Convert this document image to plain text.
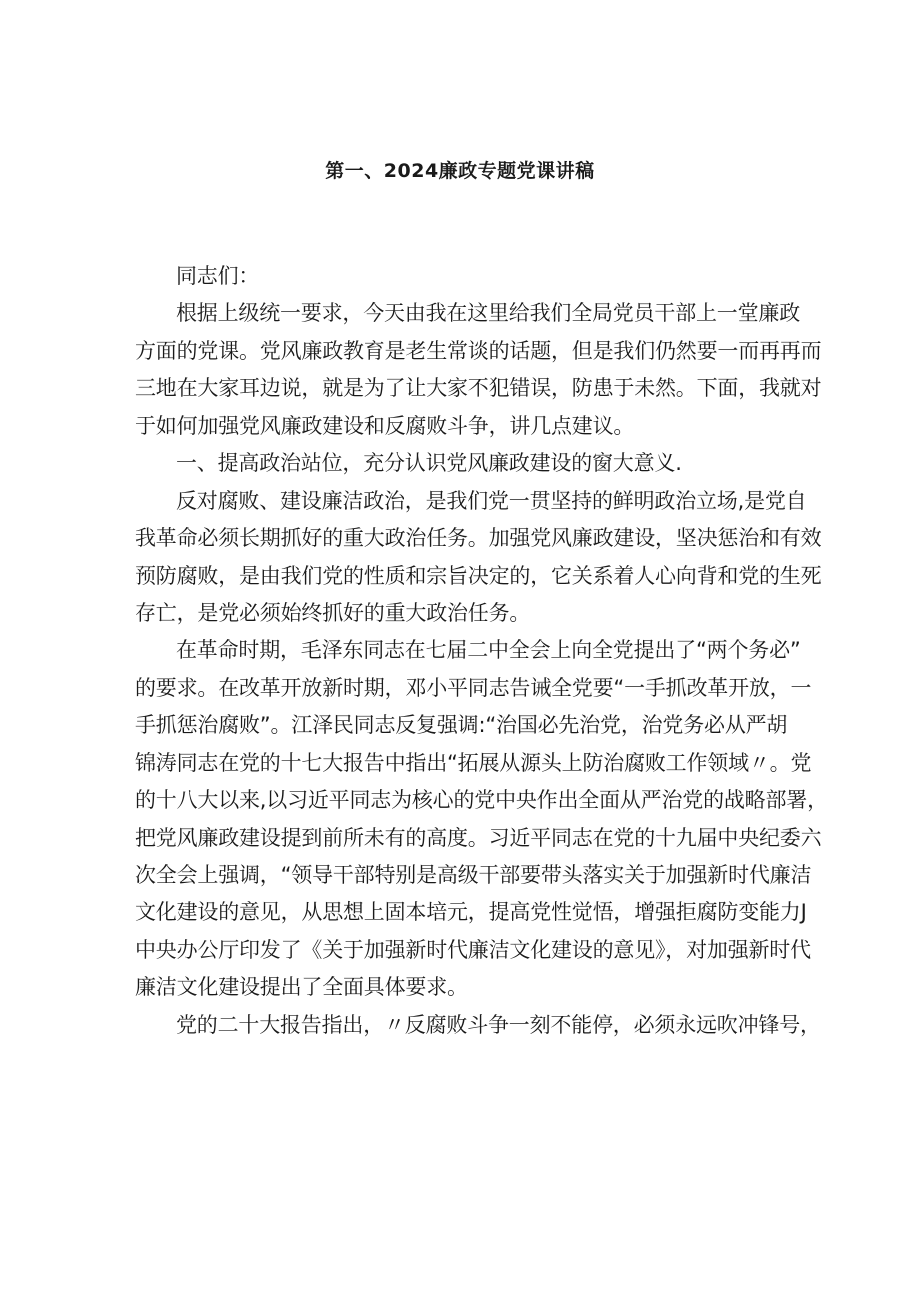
第一、2024廉政专题党课讲稿
同志们：
根据上级统一要求，今天由我在这里给我们全局党员干部上一堂廉政
方面的党课。党风廉政教育是老生常谈的话题，但是我们仍然要一而再再而
三地在大家耳边说，就是为了让大家不犯错误，防患于未然。下面，我就对
于如何加强党风廉政建设和反腐败斗争，讲几点建议。
一、提高政治站位，充分认识党风廉政建设的窗大意义.
反对腐败、建设廉洁政治，是我们党一贯坚持的鲜明政治立场,是党自
我革命必须长期抓好的重大政治任务。加强党风廉政建设，坚决惩治和有效
预防腐败，是由我们党的性质和宗旨决定的，它关系着人心向背和党的生死
存亡，是党必须始终抓好的重大政治任务。
在革命时期，毛泽东同志在七届二中全会上向全党提出了“两个务必”
的要求。在改革开放新时期，邓小平同志告诫全党要“一手抓改革开放，一
手抓惩治腐败”。江泽民同志反复强调:“治国必先治党，治党务必从严胡
锦涛同志在党的十七大报告中指出“拓展从源头上防治腐败工作领域〃。党
的十八大以来,以习近平同志为核心的党中央作出全面从严治党的战略部署，
把党风廉政建设提到前所未有的高度。习近平同志在党的十九届中央纪委六
次全会上强调，“领导干部特别是高级干部要带头落实关于加强新时代廉洁
文化建设的意见，从思想上固本培元，提高党性觉悟，增强拒腐防变能力J
中央办公厅印发了《关于加强新时代廉洁文化建设的意见》，对加强新时代
廉洁文化建设提出了全面具体要求。
党的二十大报告指出，〃反腐败斗争一刻不能停，必须永远吹冲锋号，
